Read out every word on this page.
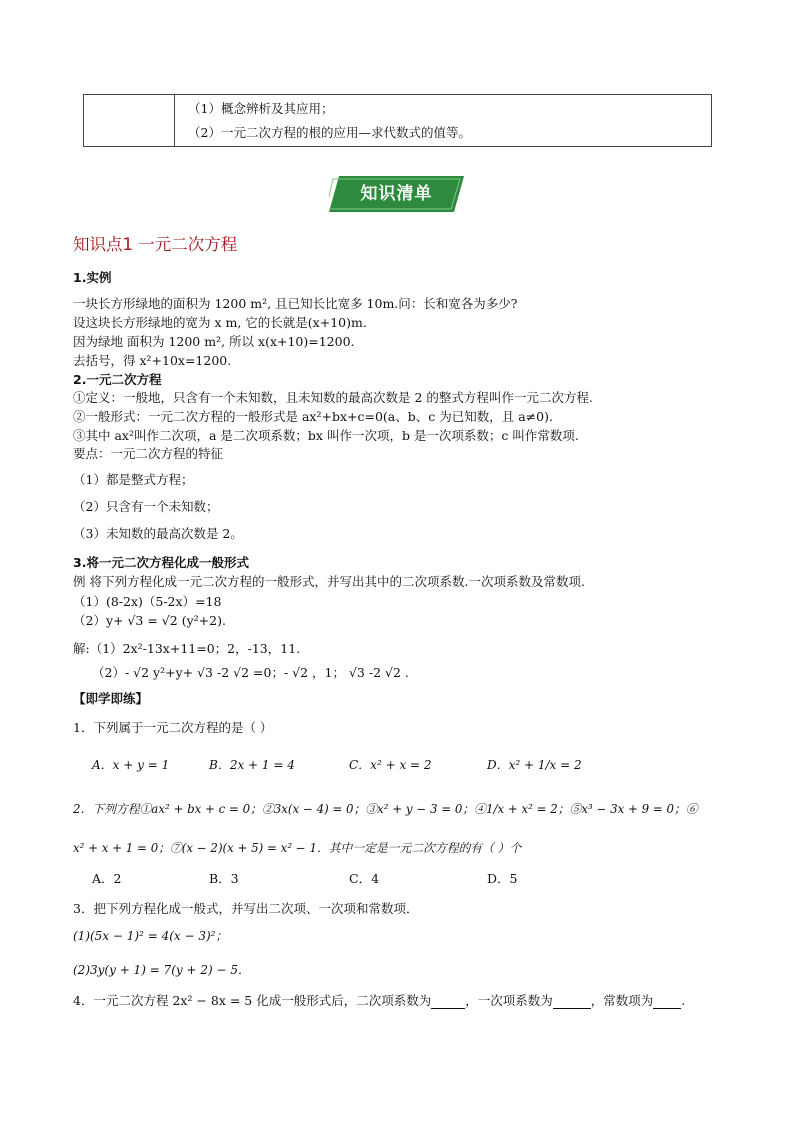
（1）概念辨析及其应用；
（2）一元二次方程的根的应用—求代数式的值等。
知识清单
知识点1 一元二次方程
1.实例
一块长方形绿地的面积为 1200 m², 且已知长比宽多 10m.问：长和宽各为多少?
设这块长方形绿地的宽为 x m, 它的长就是(x+10)m.
因为绿地 面积为 1200 m², 所以 x(x+10)=1200.
去括号，得 x²+10x=1200.
2.一元二次方程
①定义：一般地，只含有一个未知数，且未知数的最高次数是 2 的整式方程叫作一元二次方程.
②一般形式：一元二次方程的一般形式是 ax²+bx+c=0(a、b、c 为已知数，且 a≠0).
③其中 ax²叫作二次项，a 是二次项系数；bx 叫作一次项，b 是一次项系数；c 叫作常数项.
要点：一元二次方程的特征
（1）都是整式方程；
（2）只含有一个未知数；
（3）未知数的最高次数是 2。
3.将一元二次方程化成一般形式
例 将下列方程化成一元二次方程的一般形式，并写出其中的二次项系数.一次项系数及常数项.
（1）(8-2x)（5-2x）=18
（2）y+ √3 = √2 (y²+2).
解:（1）2x²-13x+11=0；2，-13，11.
（2）- √2 y²+y+ √3 -2 √2 =0；- √2 ，1； √3 -2 √2 .
【即学即练】
1．下列属于一元二次方程的是（ ）
A．x + y = 1	B．2x + 1 = 4	C．x² + x = 2	D．x² + 1/x = 2
2．下列方程①ax² + bx + c = 0；②3x(x − 4) = 0；③x² + y − 3 = 0；④1/x + x² = 2；⑤x³ − 3x + 9 = 0；⑥
x² + x + 1 = 0；⑦(x − 2)(x + 5) = x² − 1．其中一定是一元二次方程的有（ ）个
A．2	B．3	C．4	D．5
3．把下列方程化成一般式，并写出二次项、一次项和常数项．
(1)(5x − 1)² = 4(x − 3)²；
(2)3y(y + 1) = 7(y + 2) − 5．
4．一元二次方程 2x² − 8x = 5 化成一般形式后，二次项系数为	，一次项系数为	，常数项为 .
